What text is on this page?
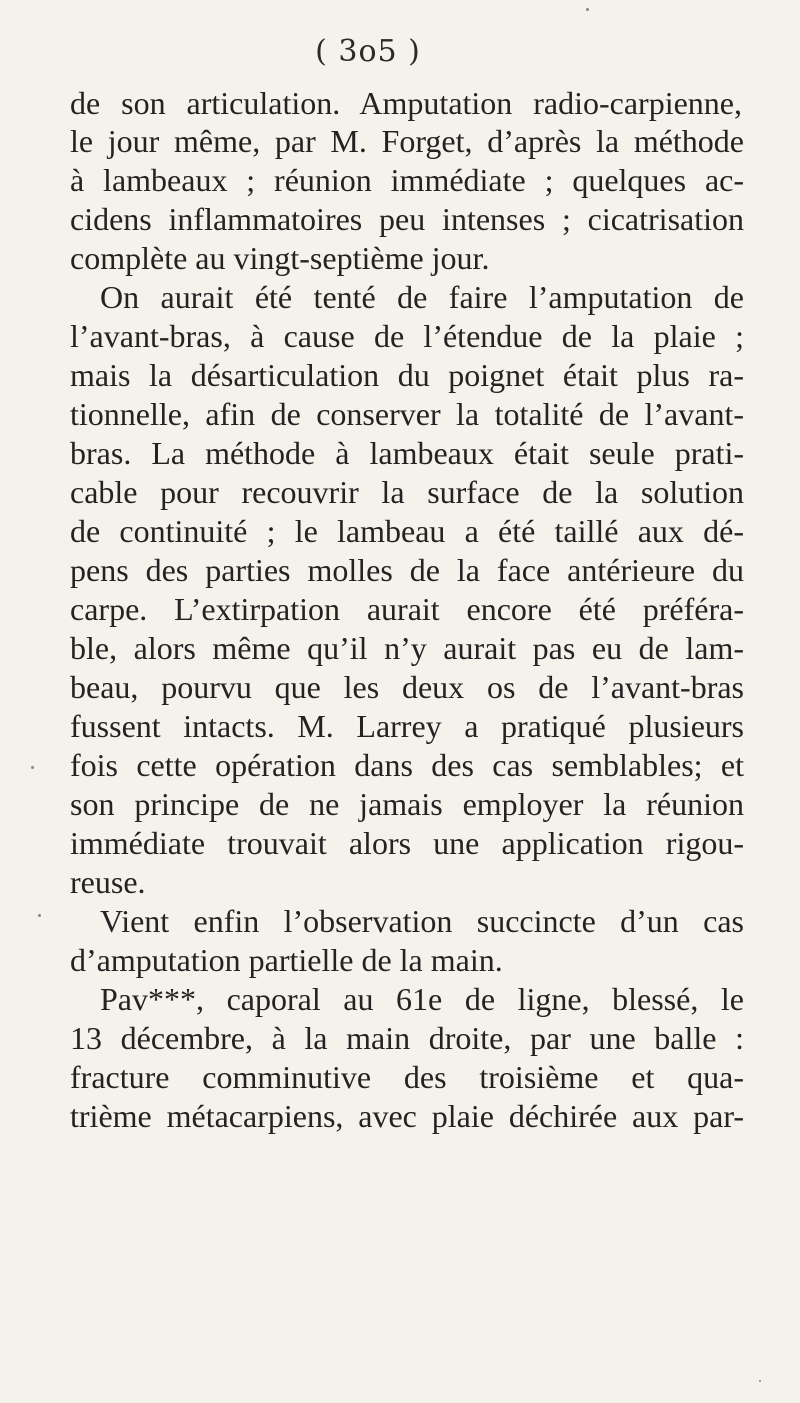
( 3o5 )
de son articulation. Amputation radio-carpienne,
le jour même, par M. Forget, d’après la méthode
à lambeaux ; réunion immédiate ; quelques ac-
cidens inflammatoires peu intenses ; cicatrisation
complète au vingt-septième jour.
On aurait été tenté de faire l’amputation de
l’avant-bras, à cause de l’étendue de la plaie ;
mais la désarticulation du poignet était plus ra-
tionnelle, afin de conserver la totalité de l’avant-
bras. La méthode à lambeaux était seule prati-
cable pour recouvrir la surface de la solution
de continuité ; le lambeau a été taillé aux dé-
pens des parties molles de la face antérieure du
carpe. L’extirpation aurait encore été préféra-
ble, alors même qu’il n’y aurait pas eu de lam-
beau, pourvu que les deux os de l’avant-bras
fussent intacts. M. Larrey a pratiqué plusieurs
fois cette opération dans des cas semblables; et
son principe de ne jamais employer la réunion
immédiate trouvait alors une application rigou-
reuse.
Vient enfin l’observation succincte d’un cas
d’amputation partielle de la main.
Pav***, caporal au 61e de ligne, blessé, le
13 décembre, à la main droite, par une balle :
fracture comminutive des troisième et qua-
trième métacarpiens, avec plaie déchirée aux par-
